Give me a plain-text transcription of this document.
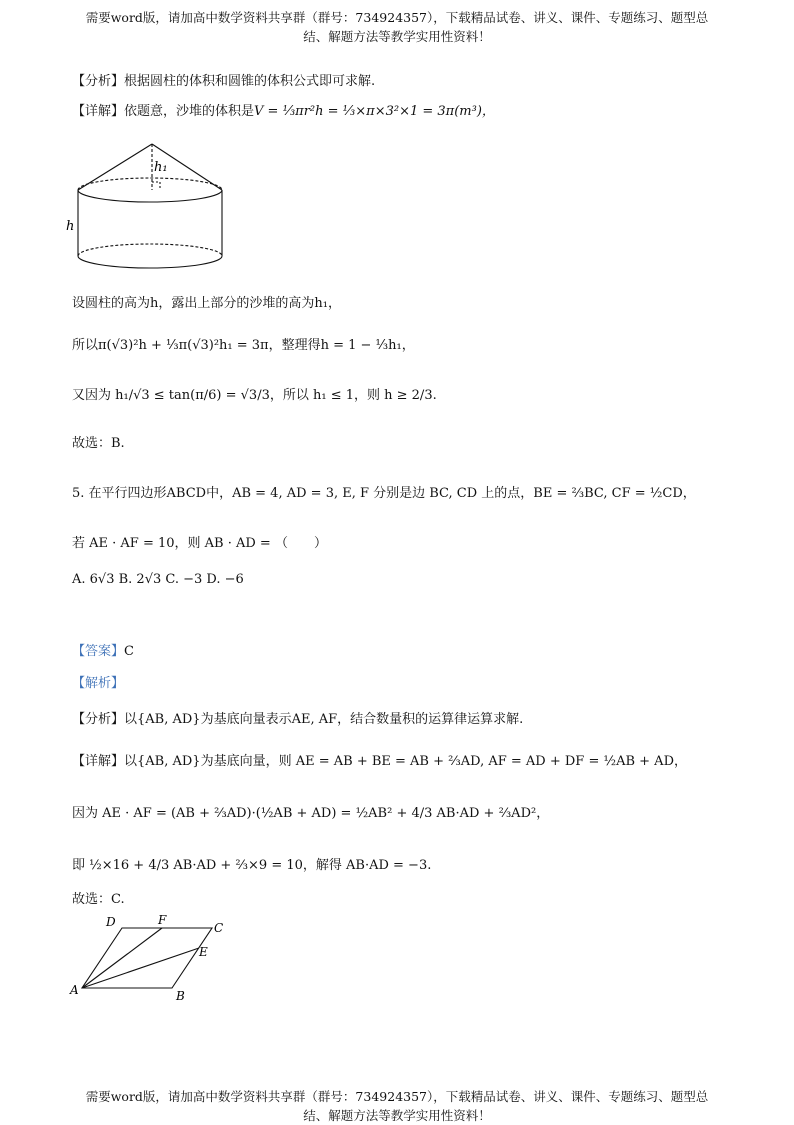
需要word版，请加高中数学资料共享群（群号：734924357），下载精品试卷、讲义、课件、专题练习、题型总
结、解题方法等教学实用性资料！
【分析】根据圆柱的体积和圆锥的体积公式即可求解.
【详解】依题意，沙堆的体积是V = ⅓πr²h = ⅓×π×3²×1 = 3π(m³)，
h₁
h
设圆柱的高为h，露出上部分的沙堆的高为h₁，
所以π(√3)²h + ⅓π(√3)²h₁ = 3π，整理得h = 1 − ⅓h₁，
又因为 h₁/√3 ≤ tan(π/6) = √3/3，所以 h₁ ≤ 1，则 h ≥ 2/3.
故选：B.
5. 在平行四边形ABCD中，AB = 4, AD = 3, E, F 分别是边 BC, CD 上的点，BE = ⅔BC, CF = ½CD，
若 AE · AF = 10，则 AB · AD = （　　）
A. 6√3 B. 2√3 C. −3 D. −6
【答案】C
【解析】
【分析】以{AB, AD}为基底向量表示AE, AF，结合数量积的运算律运算求解.
【详解】以{AB, AD}为基底向量，则 AE = AB + BE = AB + ⅔AD, AF = AD + DF = ½AB + AD，
因为 AE · AF = (AB + ⅔AD)·(½AB + AD) = ½AB² + 4/3 AB·AD + ⅔AD²，
即 ½×16 + 4/3 AB·AD + ⅔×9 = 10，解得 AB·AD = −3.
故选：C.
D	F
C
E
A	B
需要word版，请加高中数学资料共享群（群号：734924357），下载精品试卷、讲义、课件、专题练习、题型总
结、解题方法等教学实用性资料！
